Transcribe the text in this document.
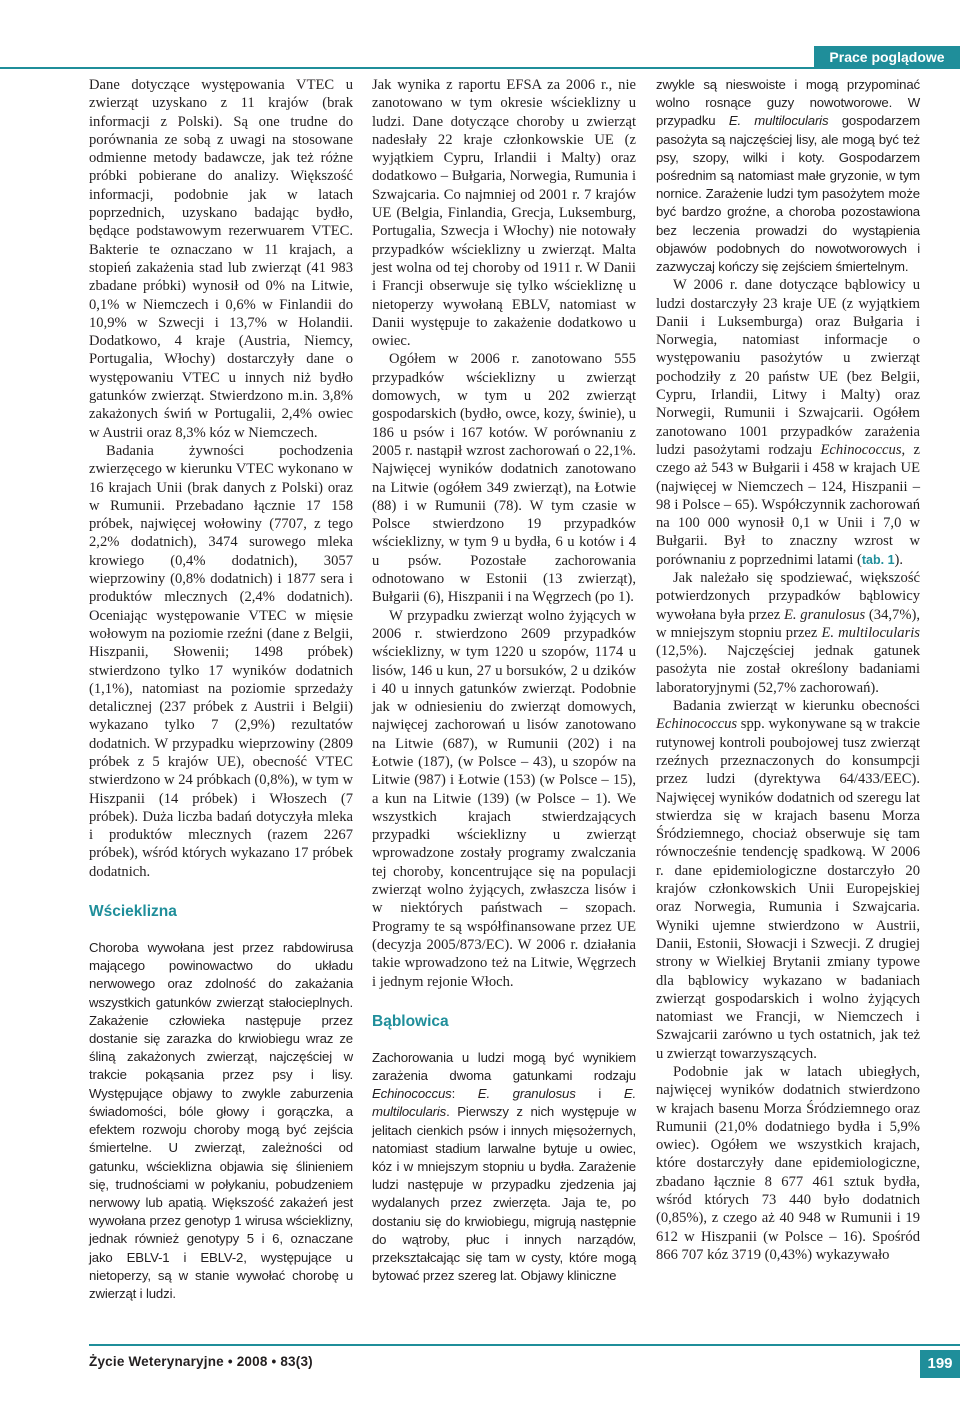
Prace poglądowe

Dane dotyczące występowania VTEC u zwierząt uzyskano z 11 krajów (brak informacji z Polski). Są one trudne do porównania ze sobą z uwagi na stosowane odmienne metody badawcze, jak też różne próbki pobierane do analizy. Większość informacji, podobnie jak w latach poprzednich, uzyskano badając bydło, będące podstawowym rezerwuarem VTEC. Bakterie te oznaczano w 11 krajach, a stopień zakażenia stad lub zwierząt (41 983 zbadane próbki) wynosił od 0% na Litwie, 0,1% w Niemczech i 0,6% w Finlandii do 10,9% w Szwecji i 13,7% w Holandii. Dodatkowo, 4 kraje (Austria, Niemcy, Portugalia, Włochy) dostarczyły dane o występowaniu VTEC u innych niż bydło gatunków zwierząt. Stwierdzono m.in. 3,8% zakażonych świń w Portugalii, 2,4% owiec w Austrii oraz 8,3% kóz w Niemczech.

Badania żywności pochodzenia zwierzęcego w kierunku VTEC wykonano w 16 krajach Unii (brak danych z Polski) oraz w Rumunii. Przebadano łącznie 17 158 próbek, najwięcej wołowiny (7707, z tego 2,2% dodatnich), 3474 surowego mleka krowiego (0,4% dodatnich), 3057 wieprzowiny (0,8% dodatnich) i 1877 sera i produktów mlecznych (2,4% dodatnich). Oceniając występowanie VTEC w mięsie wołowym na poziomie rzeźni (dane z Belgii, Hiszpanii, Słowenii; 1498 próbek) stwierdzono tylko 17 wyników dodatnich (1,1%), natomiast na poziomie sprzedaży detalicznej (237 próbek z Austrii i Belgii) wykazano tylko 7 (2,9%) rezultatów dodatnich. W przypadku wieprzowiny (2809 próbek z 5 krajów UE), obecność VTEC stwierdzono w 24 próbkach (0,8%), w tym w Hiszpanii (14 próbek) i Włoszech (7 próbek). Duża liczba badań dotyczyła mleka i produktów mlecznych (razem 2267 próbek), wśród których wykazano 17 próbek dodatnich.

Wścieklizna

Choroba wywołana jest przez rabdowirusa mającego powinowactwo do układu nerwowego oraz zdolność do zakażania wszystkich gatunków zwierząt stałocieplnych. Zakażenie człowieka następuje przez dostanie się zarazka do krwiobiegu wraz ze śliną zakażonych zwierząt, najczęściej w trakcie pokąsania przez psy i lisy. Występujące objawy to zwykle zaburzenia świadomości, bóle głowy i gorączka, a efektem rozwoju choroby mogą być zejścia śmiertelne. U zwierząt, zależności od gatunku, wścieklizna objawia się ślinieniem się, trudnościami w połykaniu, pobudzeniem nerwowy lub apatią. Większość zakażeń jest wywołana przez genotyp 1 wirusa wścieklizny, jednak również genotypy 5 i 6, oznaczane jako EBLV-1 i EBLV-2, występujące u nietoperzy, są w stanie wywołać chorobę u zwierząt i ludzi.

Jak wynika z raportu EFSA za 2006 r., nie zanotowano w tym okresie wścieklizny u ludzi. Dane dotyczące choroby u zwierząt nadesłały 22 kraje członkowskie UE (z wyjątkiem Cypru, Irlandii i Malty) oraz dodatkowo – Bułgaria, Norwegia, Rumunia i Szwajcaria. Co najmniej od 2001 r. 7 krajów UE (Belgia, Finlandia, Grecja, Luksemburg, Portugalia, Szwecja i Włochy) nie notowały przypadków wścieklizny u zwierząt. Malta jest wolna od tej choroby od 1911 r. W Danii i Francji obserwuje się tylko wściekliznę u nietoperzy wywołaną EBLV, natomiast w Danii występuje to zakażenie dodatkowo u owiec.

Ogółem w 2006 r. zanotowano 555 przypadków wścieklizny u zwierząt domowych, w tym u 202 zwierząt gospodarskich (bydło, owce, kozy, świnie), u 186 u psów i 167 kotów. W porównaniu z 2005 r. nastąpił wzrost zachorowań o 22,1%. Najwięcej wyników dodatnich zanotowano na Litwie (ogółem 349 zwierząt), na Łotwie (88) i w Rumunii (78). W tym czasie w Polsce stwierdzono 19 przypadków wścieklizny, w tym 9 u bydła, 6 u kotów i 4 u psów. Pozostałe zachorowania odnotowano w Estonii (13 zwierząt), Bułgarii (6), Hiszpanii i na Węgrzech (po 1).

W przypadku zwierząt wolno żyjących w 2006 r. stwierdzono 2609 przypadków wścieklizny, w tym 1220 u szopów, 1174 u lisów, 146 u kun, 27 u borsuków, 2 u dzików i 40 u innych gatunków zwierząt. Podobnie jak w odniesieniu do zwierząt domowych, najwięcej zachorowań u lisów zanotowano na Litwie (687), w Rumunii (202) i na Łotwie (187), (w Polsce – 43), u szopów na Litwie (987) i Łotwie (153) (w Polsce – 15), a kun na Litwie (139) (w Polsce – 1). We wszystkich krajach stwierdzających przypadki wścieklizny u zwierząt wprowadzone zostały programy zwalczania tej choroby, koncentrujące się na populacji zwierząt wolno żyjących, zwłaszcza lisów i w niektórych państwach – szopach. Programy te są współfinansowane przez UE (decyzja 2005/873/EC). W 2006 r. działania takie wprowadzono też na Litwie, Węgrzech i jednym rejonie Włoch.

Bąblowica

Zachorowania u ludzi mogą być wynikiem zarażenia dwoma gatunkami rodzaju Echinococcus: E. granulosus i E. multilocularis. Pierwszy z nich występuje w jelitach cienkich psów i innych mięsożernych, natomiast stadium larwalne bytuje u owiec, kóz i w mniejszym stopniu u bydła. Zarażenie ludzi następuje w przypadku zjedzenia jaj wydalanych przez zwierzęta. Jaja te, po dostaniu się do krwiobiegu, migrują następnie do wątroby, płuc i innych narządów, przekształcając się tam w cysty, które mogą bytować przez szereg lat. Objawy kliniczne

zwykle są nieswoiste i mogą przypominać wolno rosnące guzy nowotworowe. W przypadku E. multilocularis gospodarzem pasożyta są najczęściej lisy, ale mogą być też psy, szopy, wilki i koty. Gospodarzem pośrednim są natomiast małe gryzonie, w tym nornice. Zarażenie ludzi tym pasożytem może być bardzo groźne, a choroba pozostawiona bez leczenia prowadzi do wystąpienia objawów podobnych do nowotworowych i zazwyczaj kończy się zejściem śmiertelnym.

W 2006 r. dane dotyczące bąblowicy u ludzi dostarczyły 23 kraje UE (z wyjątkiem Danii i Luksemburga) oraz Bułgaria i Norwegia, natomiast informacje o występowaniu pasożytów u zwierząt pochodziły z 20 państw UE (bez Belgii, Cypru, Irlandii, Litwy i Malty) oraz Norwegii, Rumunii i Szwajcarii. Ogółem zanotowano 1001 przypadków zarażenia ludzi pasożytami rodzaju Echinococcus, z czego aż 543 w Bułgarii i 458 w krajach UE (najwięcej w Niemczech – 124, Hiszpanii – 98 i Polsce – 65). Współczynnik zachorowań na 100 000 wynosił 0,1 w Unii i 7,0 w Bułgarii. Był to znaczny wzrost w porównaniu z poprzednimi latami (tab. 1).

Jak należało się spodziewać, większość potwierdzonych przypadków bąblowicy wywołana była przez E. granulosus (34,7%), w mniejszym stopniu przez E. multilocularis (12,5%). Najczęściej jednak gatunek pasożyta nie został określony badaniami laboratoryjnymi (52,7% zachorowań).

Badania zwierząt w kierunku obecności Echinococcus spp. wykonywane są w trakcie rutynowej kontroli poubojowej tusz zwierząt rzeźnych przeznaczonych do konsumpcji przez ludzi (dyrektywa 64/433/EEC). Najwięcej wyników dodatnich od szeregu lat stwierdza się w krajach basenu Morza Śródziemnego, chociaż obserwuje się tam równocześnie tendencję spadkową. W 2006 r. dane epidemiologiczne dostarczyło 20 krajów członkowskich Unii Europejskiej oraz Norwegia, Rumunia i Szwajcaria. Wyniki ujemne stwierdzono w Austrii, Danii, Estonii, Słowacji i Szwecji. Z drugiej strony w Wielkiej Brytanii zmiany typowe dla bąblowicy wykazano w badaniach zwierząt gospodarskich i wolno żyjących natomiast we Francji, w Niemczech i Szwajcarii zarówno u tych ostatnich, jak też u zwierząt towarzyszących.

Podobnie jak w latach ubiegłych, najwięcej wyników dodatnich stwierdzono w krajach basenu Morza Śródziemnego oraz Rumunii (21,0% dodatniego bydła i 5,9% owiec). Ogółem we wszystkich krajach, które dostarczyły dane epidemiologiczne, zbadano łącznie 8 677 461 sztuk bydła, wśród których 73 440 było dodatnich (0,85%), z czego aż 40 948 w Rumunii i 19 612 w Hiszpanii (w Polsce – 16). Spośród 866 707 kóz 3719 (0,43%) wykazywało

Życie Weterynaryjne • 2008 • 83(3)	199
